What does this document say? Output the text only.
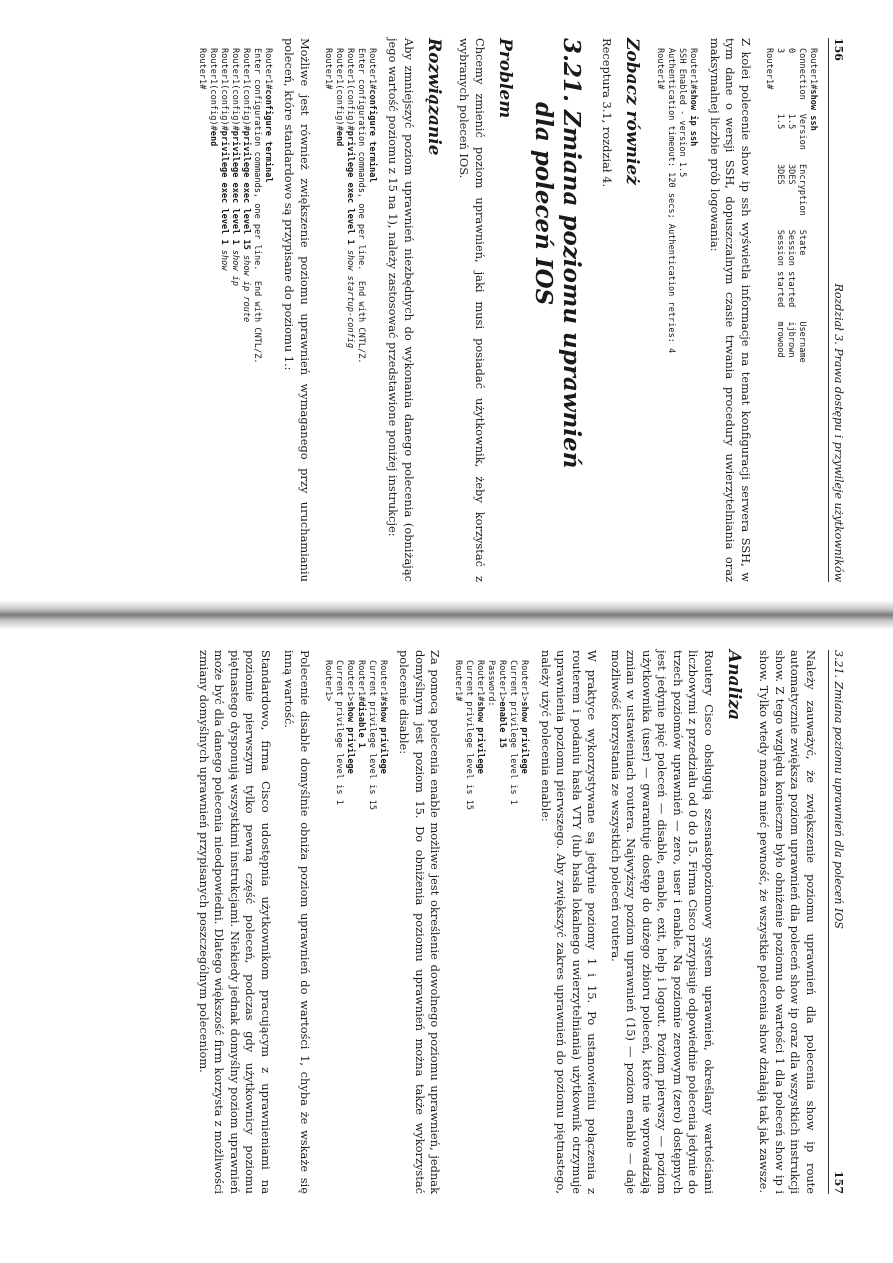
156
Rozdział 3. Prawa dostępu i przywileje użytkowników
Router1#show ssh
Connection	Version	Encryption	State	Username
0	1.5	3DES	Session started	ijbrown
3	1.5	3DES	Session started	mrowood
Router1#

Z kolei polecenie show ip ssh wyświetla informacje na temat konfiguracji serwera SSH, w tym dane o wersji SSH, dopuszczalnym czasie trwania procedury uwierzytelniania oraz maksymalnej liczbie prób logowania:

Router1#show ip ssh
SSH Enabled - version 1.5
Authentication timeout: 120 secs; Authentication retries: 4
Router1#
Zobacz również

Receptura 3.1, rozdział 4.

3.21. Zmiana poziomu uprawnień
dla poleceń IOS
Problem

Chcemy zmienić poziom uprawnień, jaki musi posiadać użytkownik, żeby korzystać z wybranych poleceń IOS.

Rozwiązanie

Aby zmniejszyć poziom uprawnień niezbędnych do wykonania danego polecenia (obniżając jego wartość poziomu z 15 na 1), należy zastosować przedstawione poniżej instrukcje:

Router1#configure terminal
Enter configuration commands, one per line.  End with CNTL/Z.
Router1(config)#privilege exec level 1 show startup-config
Router1(config)#end
Router1#

Możliwe jest również zwiększenie poziomu uprawnień wymaganego przy uruchamianiu poleceń, które standardowo są przypisane do poziomu 1.:

Router1#configure terminal
Enter configuration commands, one per line.  End with CNTL/Z.
Router1(config)#privilege exec level 15 show ip route
Router1(config)#privilege exec level 1 show ip
Router1(config)#privilege exec level 1 show
Router1(config)#end
Router1#
3.21. Zmiana poziomu uprawnień dla poleceń IOS
157

Należy zauważyć, że zwiększenie poziomu uprawnień dla polecenia show ip route automatycznie zwiększa poziom uprawnień dla poleceń show ip oraz dla wszystkich instrukcji show. Z tego względu konieczne było obniżenie poziomu do wartości 1 dla poleceń show ip i show. Tylko wtedy można mieć pewność, że wszystkie polecenia show działają tak jak zawsze.

Analiza

Routery Cisco obsługują szesnastopoziomowy system uprawnień, określany wartościami liczbowymi z przedziału od 0 do 15. Firma Cisco przypisuje odpowiednie polecenia jedynie do trzech poziomów uprawnień — zero, user i enable. Na poziomie zerowym (zero) dostępnych jest jedynie pięć poleceń — disable, enable, exit, help i logout. Poziom pierwszy — poziom użytkownika (user) — gwarantuje dostęp do dużego zbioru poleceń, które nie wprowadzają zmian w ustawieniach routera. Najwyższy poziom uprawnień (15) — poziom enable — daje możliwość korzystania ze wszystkich poleceń routera.

W praktyce wykorzystywane są jedynie poziomy 1 i 15. Po ustanowieniu połączenia z routerem i podaniu hasła VTY (lub hasła lokalnego uwierzytelniania) użytkownik otrzymuje uprawnienia poziomu pierwszego. Aby zwiększyć zakres uprawnień do poziomu piętnastego, należy użyć polecenia enable:

Router1>show privilege
Current privilege level is 1
Router1>enable 15
Password:
Router1#show privilege
Current privilege level is 15
Router1#

Za pomocą polecenia enable możliwe jest określenie dowolnego poziomu uprawnień, jednak domyślnym jest poziom 15. Do obniżenia poziomu uprawnień można także wykorzystać polecenie disable:

Router1#show privilege
Current privilege level is 15
Router1#disable 1
Router1>show privilege
Current privilege level is 1
Router1>

Polecenie disable domyślnie obniża poziom uprawnień do wartości 1, chyba że wskaże się inną wartość.

Standardowo, firma Cisco udostępnia użytkownikom pracującym z uprawnieniami na poziomie pierwszym tylko pewną część poleceń, podczas gdy użytkownicy poziomu piętnastego dysponują wszystkimi instrukcjami. Niekiedy jednak domyślny poziom uprawnień może być dla danego polecenia nieodpowiedni. Dlatego większość firm korzysta z możliwości zmiany domyślnych uprawnień przypisanych poszczególnym poleceniom.
